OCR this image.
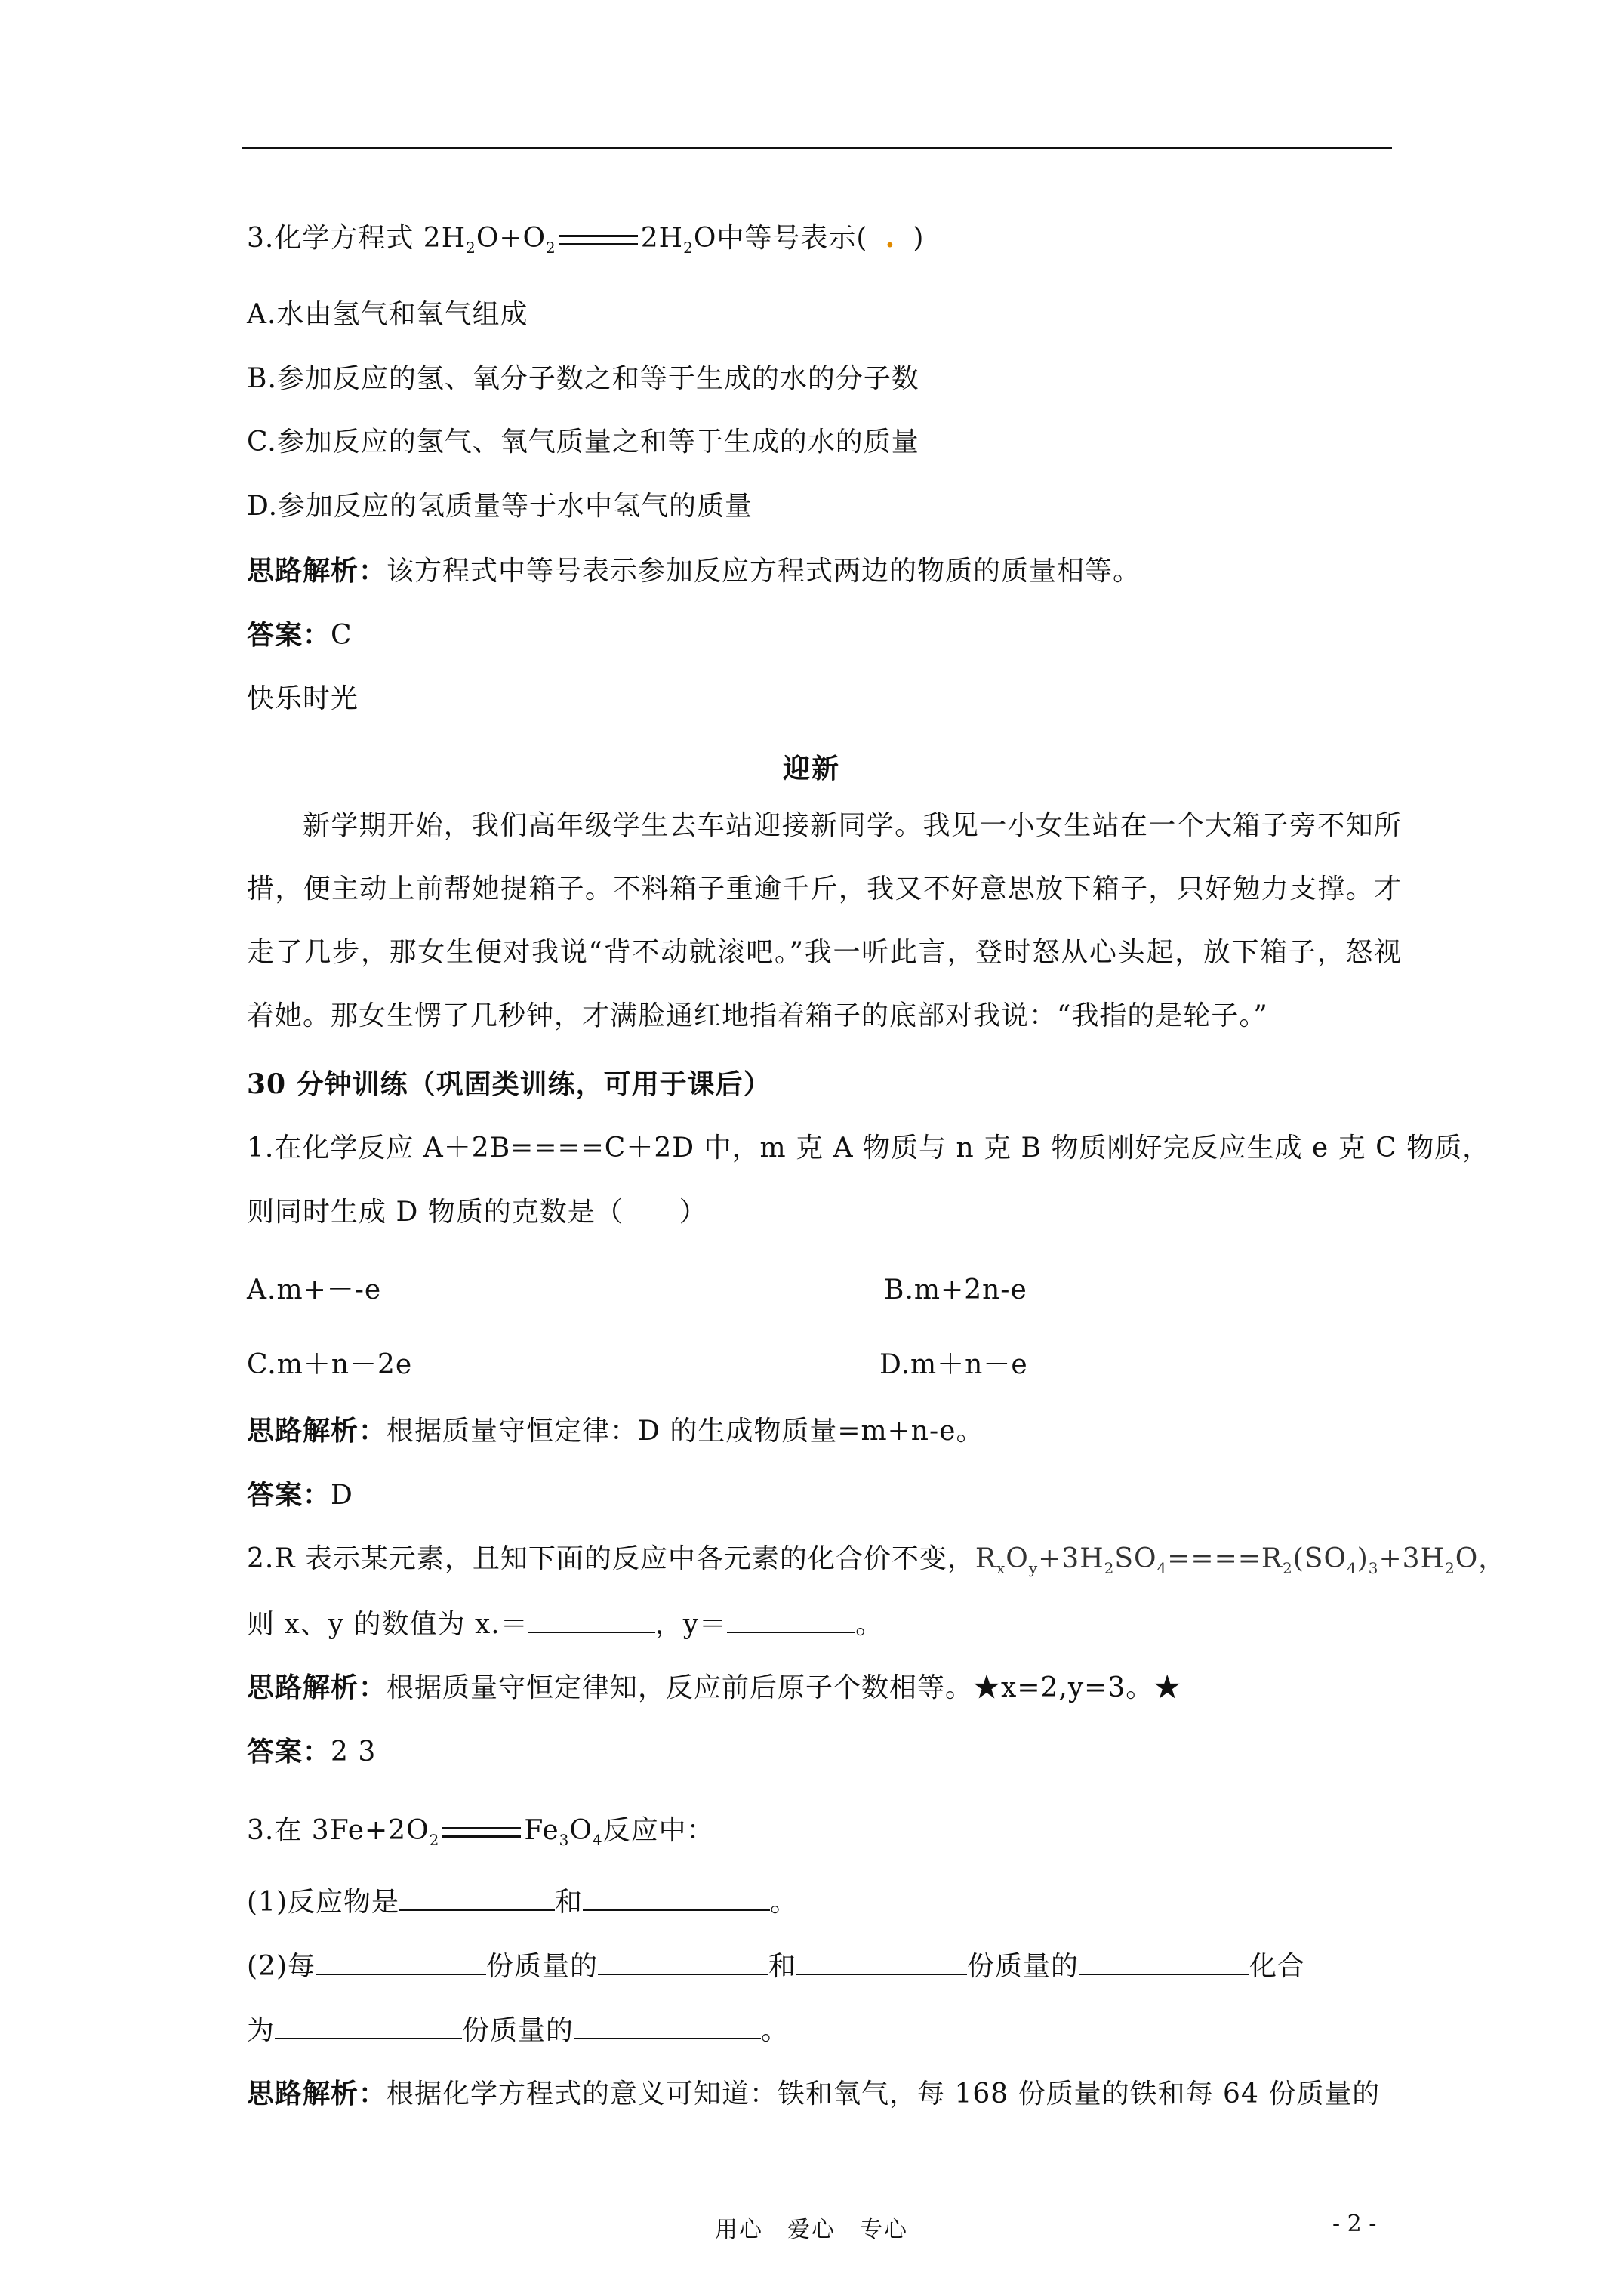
3.化学方程式 $2H_2O+O_2$	$2H_2O$中等号表示( . )
A.水由氢气和氧气组成
B.参加反应的氢、氧分子数之和等于生成的水的分子数
C.参加反应的氢气、氧气质量之和等于生成的水的质量
D.参加反应的氢质量等于水中氢气的质量
思路解析：该方程式中等号表示参加反应方程式两边的物质的质量相等。
答案：C
快乐时光
迎新
新学期开始，我们高年级学生去车站迎接新同学。我见一小女生站在一个大箱子旁不知所措，便主动上前帮她提箱子。不料箱子重逾千斤，我又不好意思放下箱子，只好勉力支撑。才走了几步，那女生便对我说“背不动就滚吧。”我一听此言，登时怒从心头起，放下箱子，怒视着她。那女生愣了几秒钟，才满脸通红地指着箱子的底部对我说：“我指的是轮子。”
30 分钟训练（巩固类训练，可用于课后）
1.在化学反应 A＋2B====C＋2D 中，m 克 A 物质与 n 克 B 物质刚好完反应生成 e 克 C 物质，
则同时生成 D 物质的克数是（　　）
A.m+－-e	B.m+2n-e
C.m＋n－2e	D.m＋n－e
思路解析：根据质量守恒定律：D 的生成物质量=m+n-e。
答案：D
2.R 表示某元素，且知下面的反应中各元素的化合价不变，$R_xO_y+3H_2SO_4====R_2(SO_4)_3+3H_2O$，
则 x、y 的数值为 x.＝	，y＝	。
思路解析：根据质量守恒定律知，反应前后原子个数相等。★x=2,y=3。★
答案：2 3
3.在 $3Fe+2O_2$	$Fe_3O_4$反应中：
(1)反应物是	和	。
(2)每	份质量的	和	份质量的	化合
为	份质量的	。
思路解析：根据化学方程式的意义可知道：铁和氧气，每 168 份质量的铁和每 64 份质量的
用心　爱心　专心	- 2 -
